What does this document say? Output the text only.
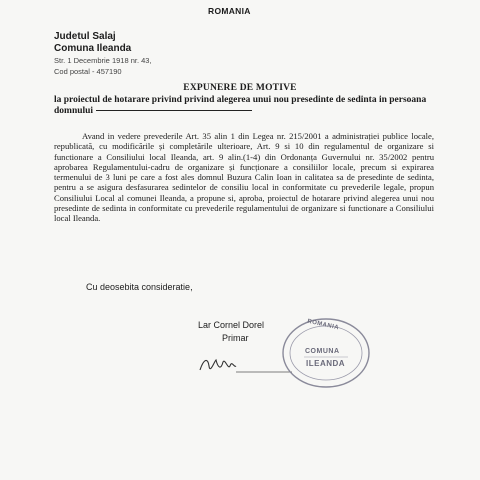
ROMANIA
Judetul Salaj
Comuna Ileanda
Str. 1 Decembrie 1918 nr. 43,
Cod postal - 457190
EXPUNERE DE MOTIVE
la proiectul de hotarare privind privind alegerea unui nou presedinte de sedinta in persoana domnului
Avand in vedere prevederile Art. 35 alin 1 din Legea nr. 215/2001 a administrației publice locale, republicată, cu modificările și completările ulterioare, Art. 9 si 10 din regulamentul de organizare si functionare a Consiliului local Ileanda, art. 9 alin.(1-4) din Ordonanța Guvernului nr. 35/2002 pentru aprobarea Regulamentului-cadru de organizare și funcționare a consiliilor locale, precum si expirarea termenului de 3 luni pe care a fost ales domnul Buzura Calin Ioan in calitatea sa de presedinte de sedinta, pentru a se asigura desfasurarea sedintelor de consiliu local in conformitate cu prevederile legale, propun Consiliului Local al comunei Ileanda, a propune si, aproba, proiectul de hotarare privind alegerea unui nou presedinte de sedinta in conformitate cu prevederile regulamentului de organizare si functionare a Consiliului local Ileanda.
Cu deosebita consideratie,
Lar Cornel Dorel
Primar
ROMANIA
COMUNA
ILEANDA
